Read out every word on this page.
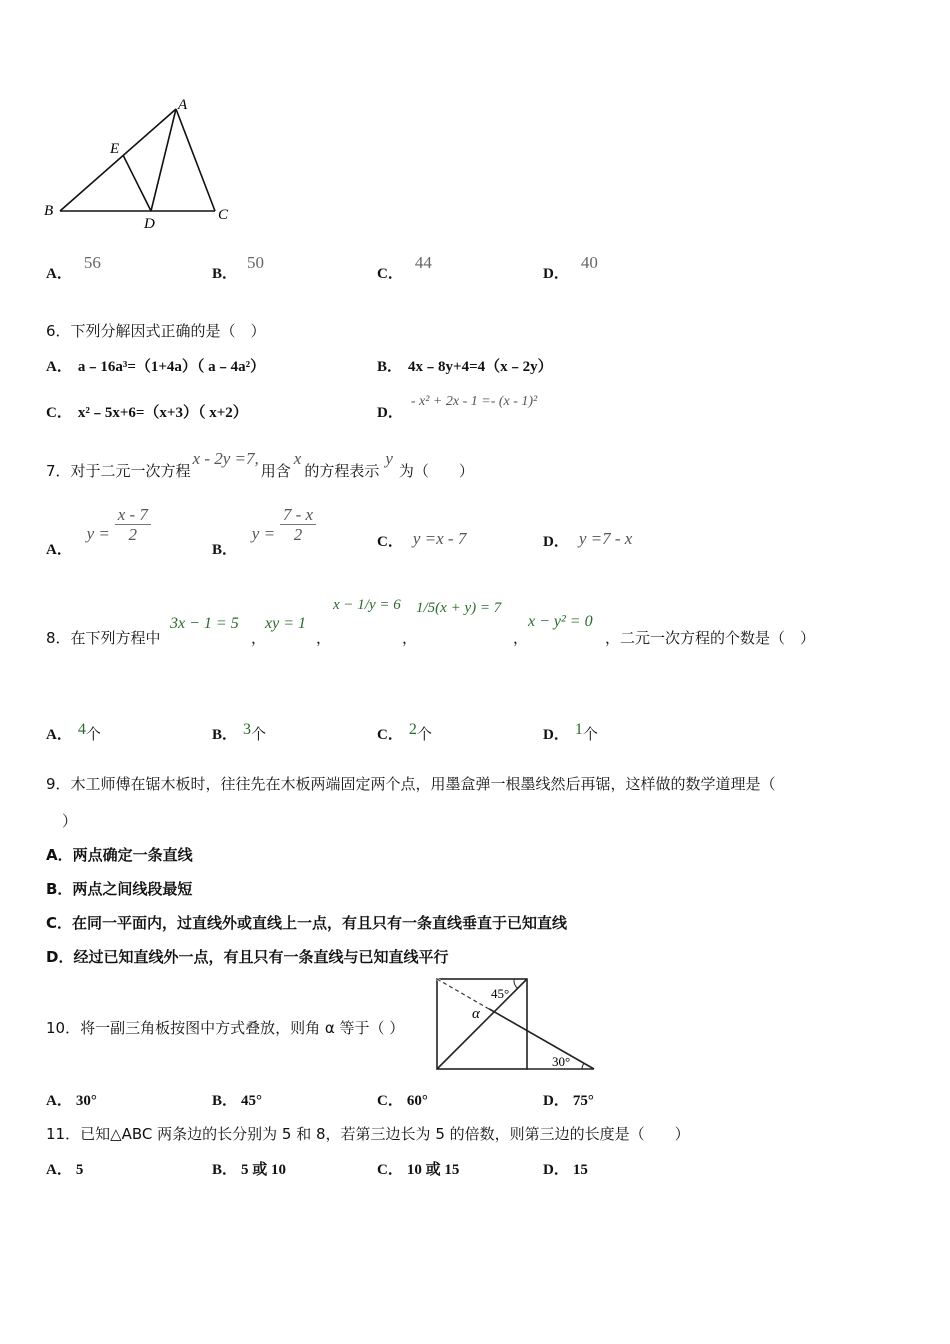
A
E
B
D
C
A．56
B．50
C．44
D．40
6．下列分解因式正确的是（　）
A． a﹣16a³=（1+4a）（ a﹣4a²）	B． 4x﹣8y+4=4（x﹣2y）
C． x²﹣5x+6=（x+3）（ x+2）	D．- x² + 2x - 1 =- (x - 1)²
7．对于二元一次方程x - 2y =7,用含x的方程表示y为（　　）
A． $y = \frac{x - 7}{2}$
B． $y = \frac{7 - x}{2}$	C． y =x - 7	D． y =7 - x
8．在下列方程中
3x − 1 = 5
，
xy = 1
，
x − 1/y = 6
，
1/5(x + y) = 7
，
x − y² = 0
，二元一次方程的个数是（　）
A． 4个	B． 3个	C． 2个	D． 1个
9．木工师傅在锯木板时，往往先在木板两端固定两个点，用墨盒弹一根墨线然后再锯，这样做的数学道理是（
）
A．两点确定一条直线
B．两点之间线段最短
C．在同一平面内，过直线外或直线上一点，有且只有一条直线垂直于已知直线
D．经过已知直线外一点，有且只有一条直线与已知直线平行
10．将一副三角板按图中方式叠放，则角 α 等于（ ）
45°
α
30°
A． 30°	B． 45°	C． 60°	D． 75°
11．已知△ABC 两条边的长分别为 5 和 8，若第三边长为 5 的倍数，则第三边的长度是（　　）
A． 5	B． 5 或 10	C． 10 或 15	D． 15
